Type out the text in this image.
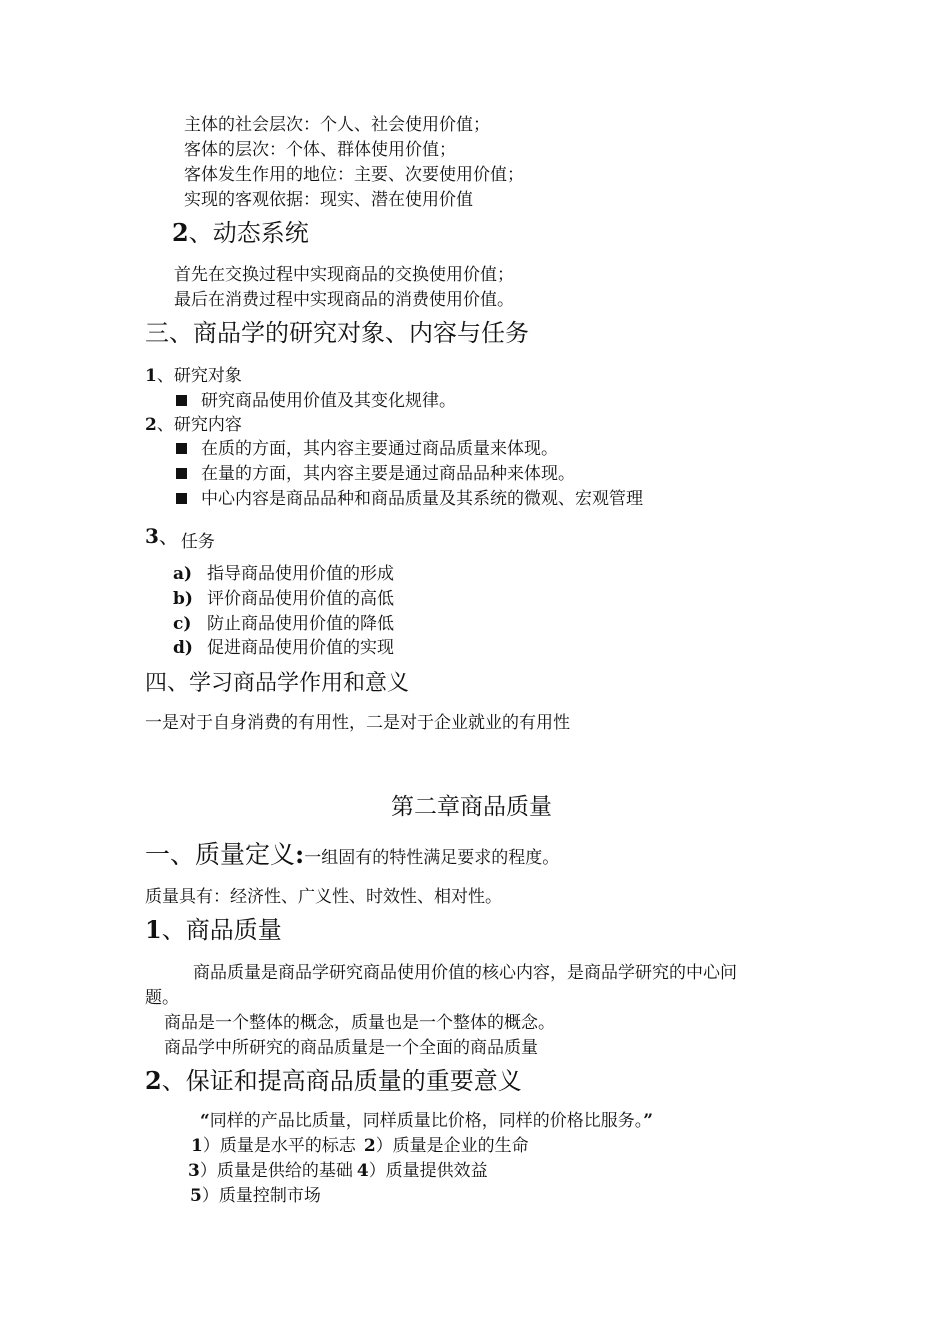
主体的社会层次：个人、社会使用价值；
客体的层次：个体、群体使用价值；
客体发生作用的地位：主要、次要使用价值；
实现的客观依据：现实、潜在使用价值
2、动态系统
首先在交换过程中实现商品的交换使用价值；
最后在消费过程中实现商品的消费使用价值。
三、商品学的研究对象、内容与任务
1、研究对象
研究商品使用价值及其变化规律。
2、研究内容
在质的方面，其内容主要通过商品质量来体现。
在量的方面，其内容主要是通过商品品种来体现。
中心内容是商品品种和商品质量及其系统的微观、宏观管理
3、 任务
a) 指导商品使用价值的形成
b) 评价商品使用价值的高低
c) 防止商品使用价值的降低
d) 促进商品使用价值的实现
四、学习商品学作用和意义
一是对于自身消费的有用性，二是对于企业就业的有用性
第二章商品质量
一、质量定义:一组固有的特性满足要求的程度。
质量具有：经济性、广义性、时效性、相对性。
1、商品质量
商品质量是商品学研究商品使用价值的核心内容，是商品学研究的中心问
题。
商品是一个整体的概念，质量也是一个整体的概念。
商品学中所研究的商品质量是一个全面的商品质量
2、保证和提高商品质量的重要意义
“同样的产品比质量，同样质量比价格，同样的价格比服务。”
1）质量是水平的标志 2）质量是企业的生命
3）质量是供给的基础 4）质量提供效益
5）质量控制市场
